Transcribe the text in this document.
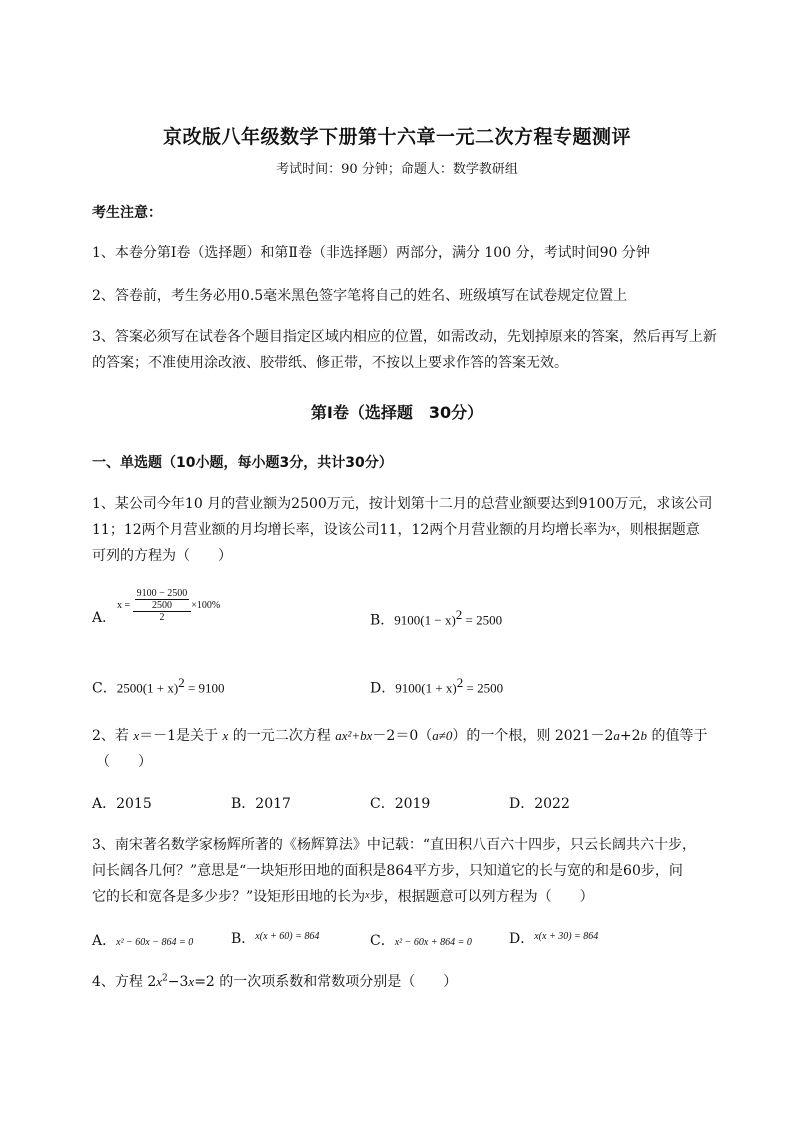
京改版八年级数学下册第十六章一元二次方程专题测评
考试时间：90 分钟；命题人：数学教研组
考生注意：
1、本卷分第Ⅰ卷（选择题）和第Ⅱ卷（非选择题）两部分，满分 100 分，考试时间90 分钟
2、答卷前，考生务必用0.5毫米黑色签字笔将自己的姓名、班级填写在试卷规定位置上
3、答案必须写在试卷各个题目指定区域内相应的位置，如需改动，先划掉原来的答案，然后再写上新
的答案；不准使用涂改液、胶带纸、修正带，不按以上要求作答的答案无效。
第Ⅰ卷（选择题　30分）
一、单选题（10小题，每小题3分，共计30分）
1、某公司今年10 月的营业额为2500万元，按计划第十二月的总营业额要达到9100万元，求该公司
11；12两个月营业额的月均增长率，设该公司11，12两个月营业额的月均增长率为$^x$，则根据题意
可列的方程为（　　）
A．
$x = \frac{\frac{9100 - 2500}{2500}}{2} \times 100\%$
B．$9100(1 - x)^2 = 2500$
C．$2500(1 + x)^2 = 9100$	D．$9100(1 + x)^2 = 2500$
2、若 x＝－1是关于 x 的一元二次方程 ax²+bx－2＝0（a≠0）的一个根，则 2021－2a+2b 的值等于
（　　）
A．2015	B．2017	C．2019	D．2022
3、南宋著名数学家杨辉所著的《杨辉算法》中记载：“直田积八百六十四步，只云长阔共六十步，
问长阔各几何？”意思是“一块矩形田地的面积是864平方步，只知道它的长与宽的和是60步，问
它的长和宽各是多少步？”设矩形田地的长为$^x$步，根据题意可以列方程为（　　）
A．x² − 60x − 864 = 0	B．$^{x(x + 60) = 864}$	C．x² − 60x + 864 = 0	D．$^{x(x + 30) = 864}$
4、方程 $2x^2-3x=2$ 的一次项系数和常数项分别是（　　）
